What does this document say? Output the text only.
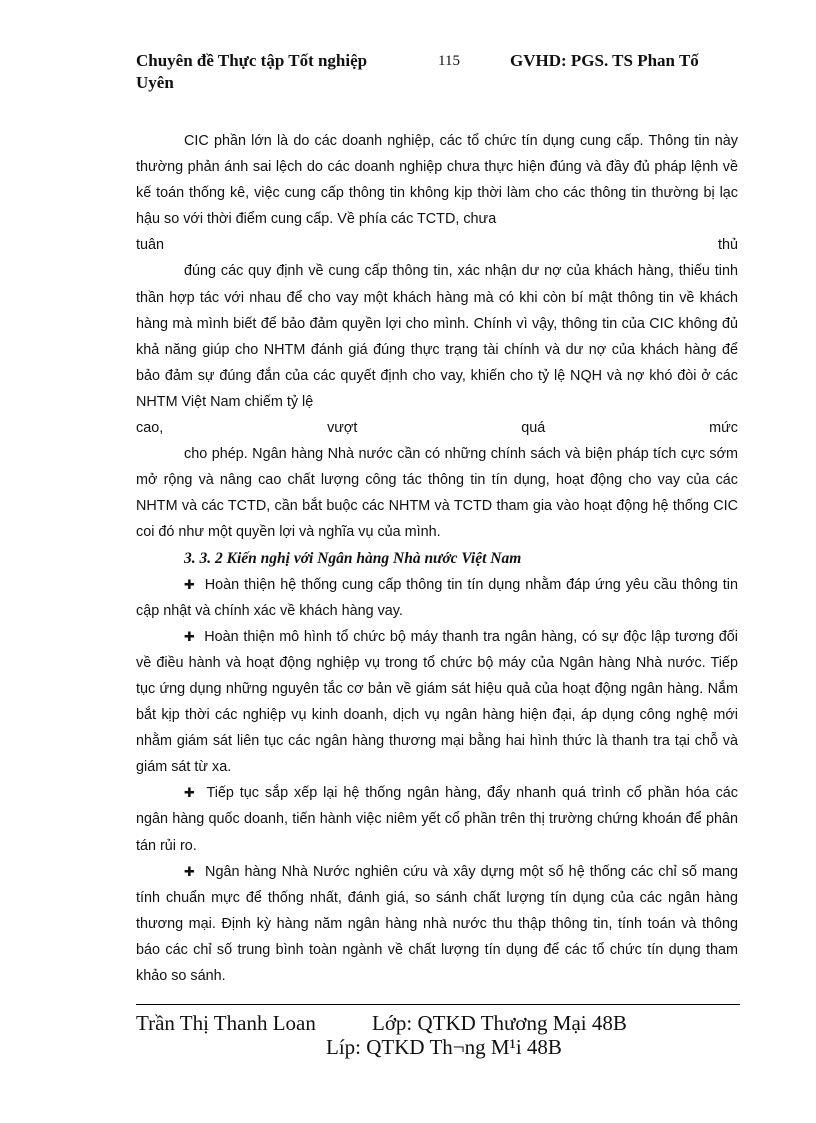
Chuyên đề Thực tập Tốt nghiệp	115	GVHD: PGS. TS Phan Tố
Uyên

CIC phần lớn là do các doanh nghiệp, các tổ chức tín dụng cung cấp. Thông tin này thường phản ánh sai lệch do các doanh nghiệp chưa thực hiện đúng và đầy đủ pháp lệnh về kế toán thống kê, việc cung cấp thông tin không kịp thời làm cho các thông tin thường bị lạc hậu so với thời điểm cung cấp. Về phía các TCTD, chưa

tuân thủ

đúng các quy định về cung cấp thông tin, xác nhận dư nợ của khách hàng, thiếu tinh thần hợp tác với nhau để cho vay một khách hàng mà có khi còn bí mật thông tin về khách hàng mà mình biết để bảo đảm quyền lợi cho mình. Chính vì vậy, thông tin của CIC không đủ khả năng giúp cho NHTM đánh giá đúng thực trạng tài chính và dư nợ của khách hàng để bảo đảm sự đúng đắn của các quyết định cho vay, khiến cho tỷ lệ NQH và nợ khó đòi ở các NHTM Việt Nam chiếm tỷ lệ

cao, vượt quá mức

cho phép. Ngân hàng Nhà nước cần có những chính sách và biện pháp tích cực sớm mở rộng và nâng cao chất lượng công tác thông tin tín dụng, hoạt động cho vay của các NHTM và các TCTD, cần bắt buộc các NHTM và TCTD tham gia vào hoạt động hệ thống CIC coi đó như một quyền lợi và nghĩa vụ của mình.

3. 3. 2 Kiến nghị với Ngân hàng Nhà nước Việt Nam

✚ Hoàn thiện hệ thống cung cấp thông tin tín dụng nhằm đáp ứng yêu cầu thông tin cập nhật và chính xác về khách hàng vay.

✚ Hoàn thiện mô hình tổ chức bộ máy thanh tra ngân hàng, có sự độc lập tương đối về điều hành và hoạt động nghiệp vụ trong tổ chức bộ máy của Ngân hàng Nhà nước. Tiếp tục ứng dụng những nguyên tắc cơ bản về giám sát hiệu quả của hoạt động ngân hàng. Nắm bắt kịp thời các nghiệp vụ kinh doanh, dịch vụ ngân hàng hiện đại, áp dụng công nghệ mới nhằm giám sát liên tục các ngân hàng thương mại bằng hai hình thức là thanh tra tại chỗ và giám sát từ xa.

✚ Tiếp tục sắp xếp lại hệ thống ngân hàng, đẩy nhanh quá trình cổ phần hóa các ngân hàng quốc doanh, tiến hành việc niêm yết cổ phần trên thị trường chứng khoán để phân tán rủi ro.

✚ Ngân hàng Nhà Nước nghiên cứu và xây dựng một số hệ thống các chỉ số mang tính chuẩn mực để thống nhất, đánh giá, so sánh chất lượng tín dụng của các ngân hàng thương mại. Định kỳ hàng năm ngân hàng nhà nước thu thập thông tin, tính toán và thông báo các chỉ số trung bình toàn ngành về chất lượng tín dụng để các tổ chức tín dụng tham khảo so sánh.

Trần Thị Thanh Loan	Lớp: QTKD Thương Mại 48B
Líp: QTKD Th¬ng M¹i 48B
